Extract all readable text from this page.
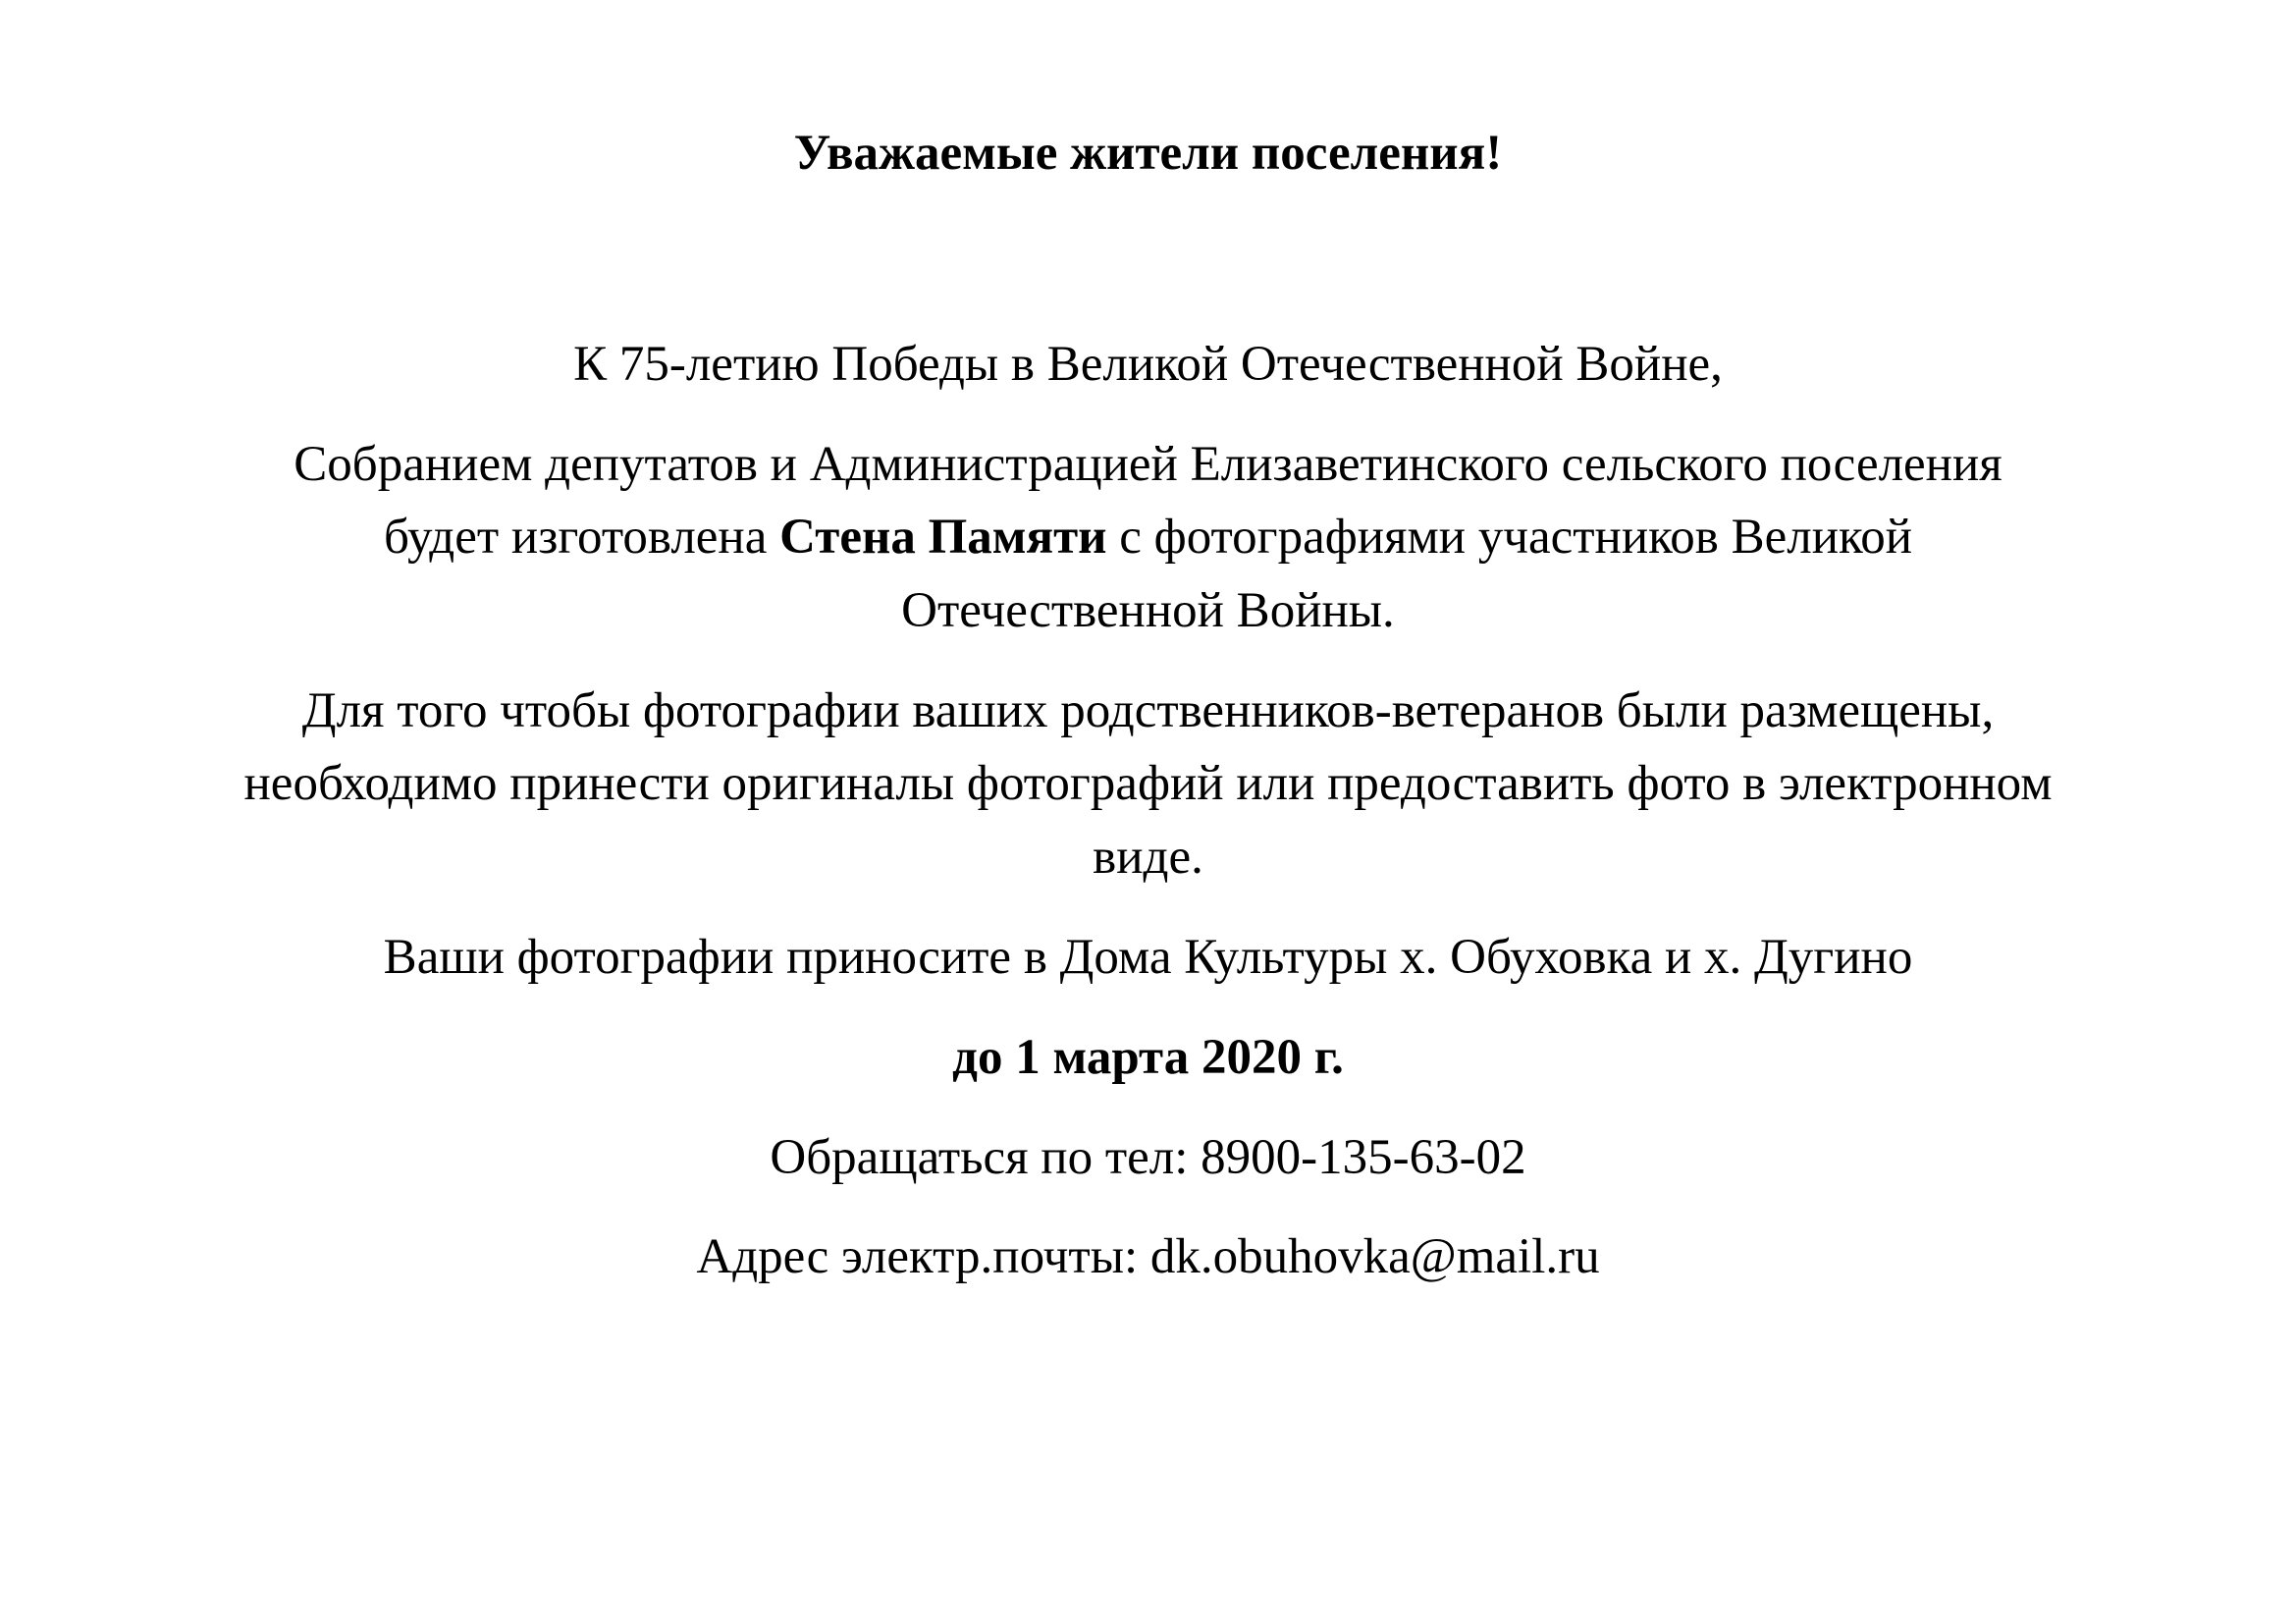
Уважаемые жители поселения!
К 75-летию Победы в Великой Отечественной Войне,
Собранием депутатов и Администрацией Елизаветинского сельского поселения
будет изготовлена Стена Памяти с фотографиями участников Великой
Отечественной Войны.
Для того чтобы фотографии ваших родственников-ветеранов были размещены,
необходимо принести оригиналы фотографий или предоставить фото в электронном
виде.
Ваши фотографии приносите в Дома Культуры х. Обуховка и х. Дугино
до 1 марта 2020 г.
Обращаться по тел: 8900-135-63-02
Адрес электр.почты: dk.obuhovka@mail.ru
